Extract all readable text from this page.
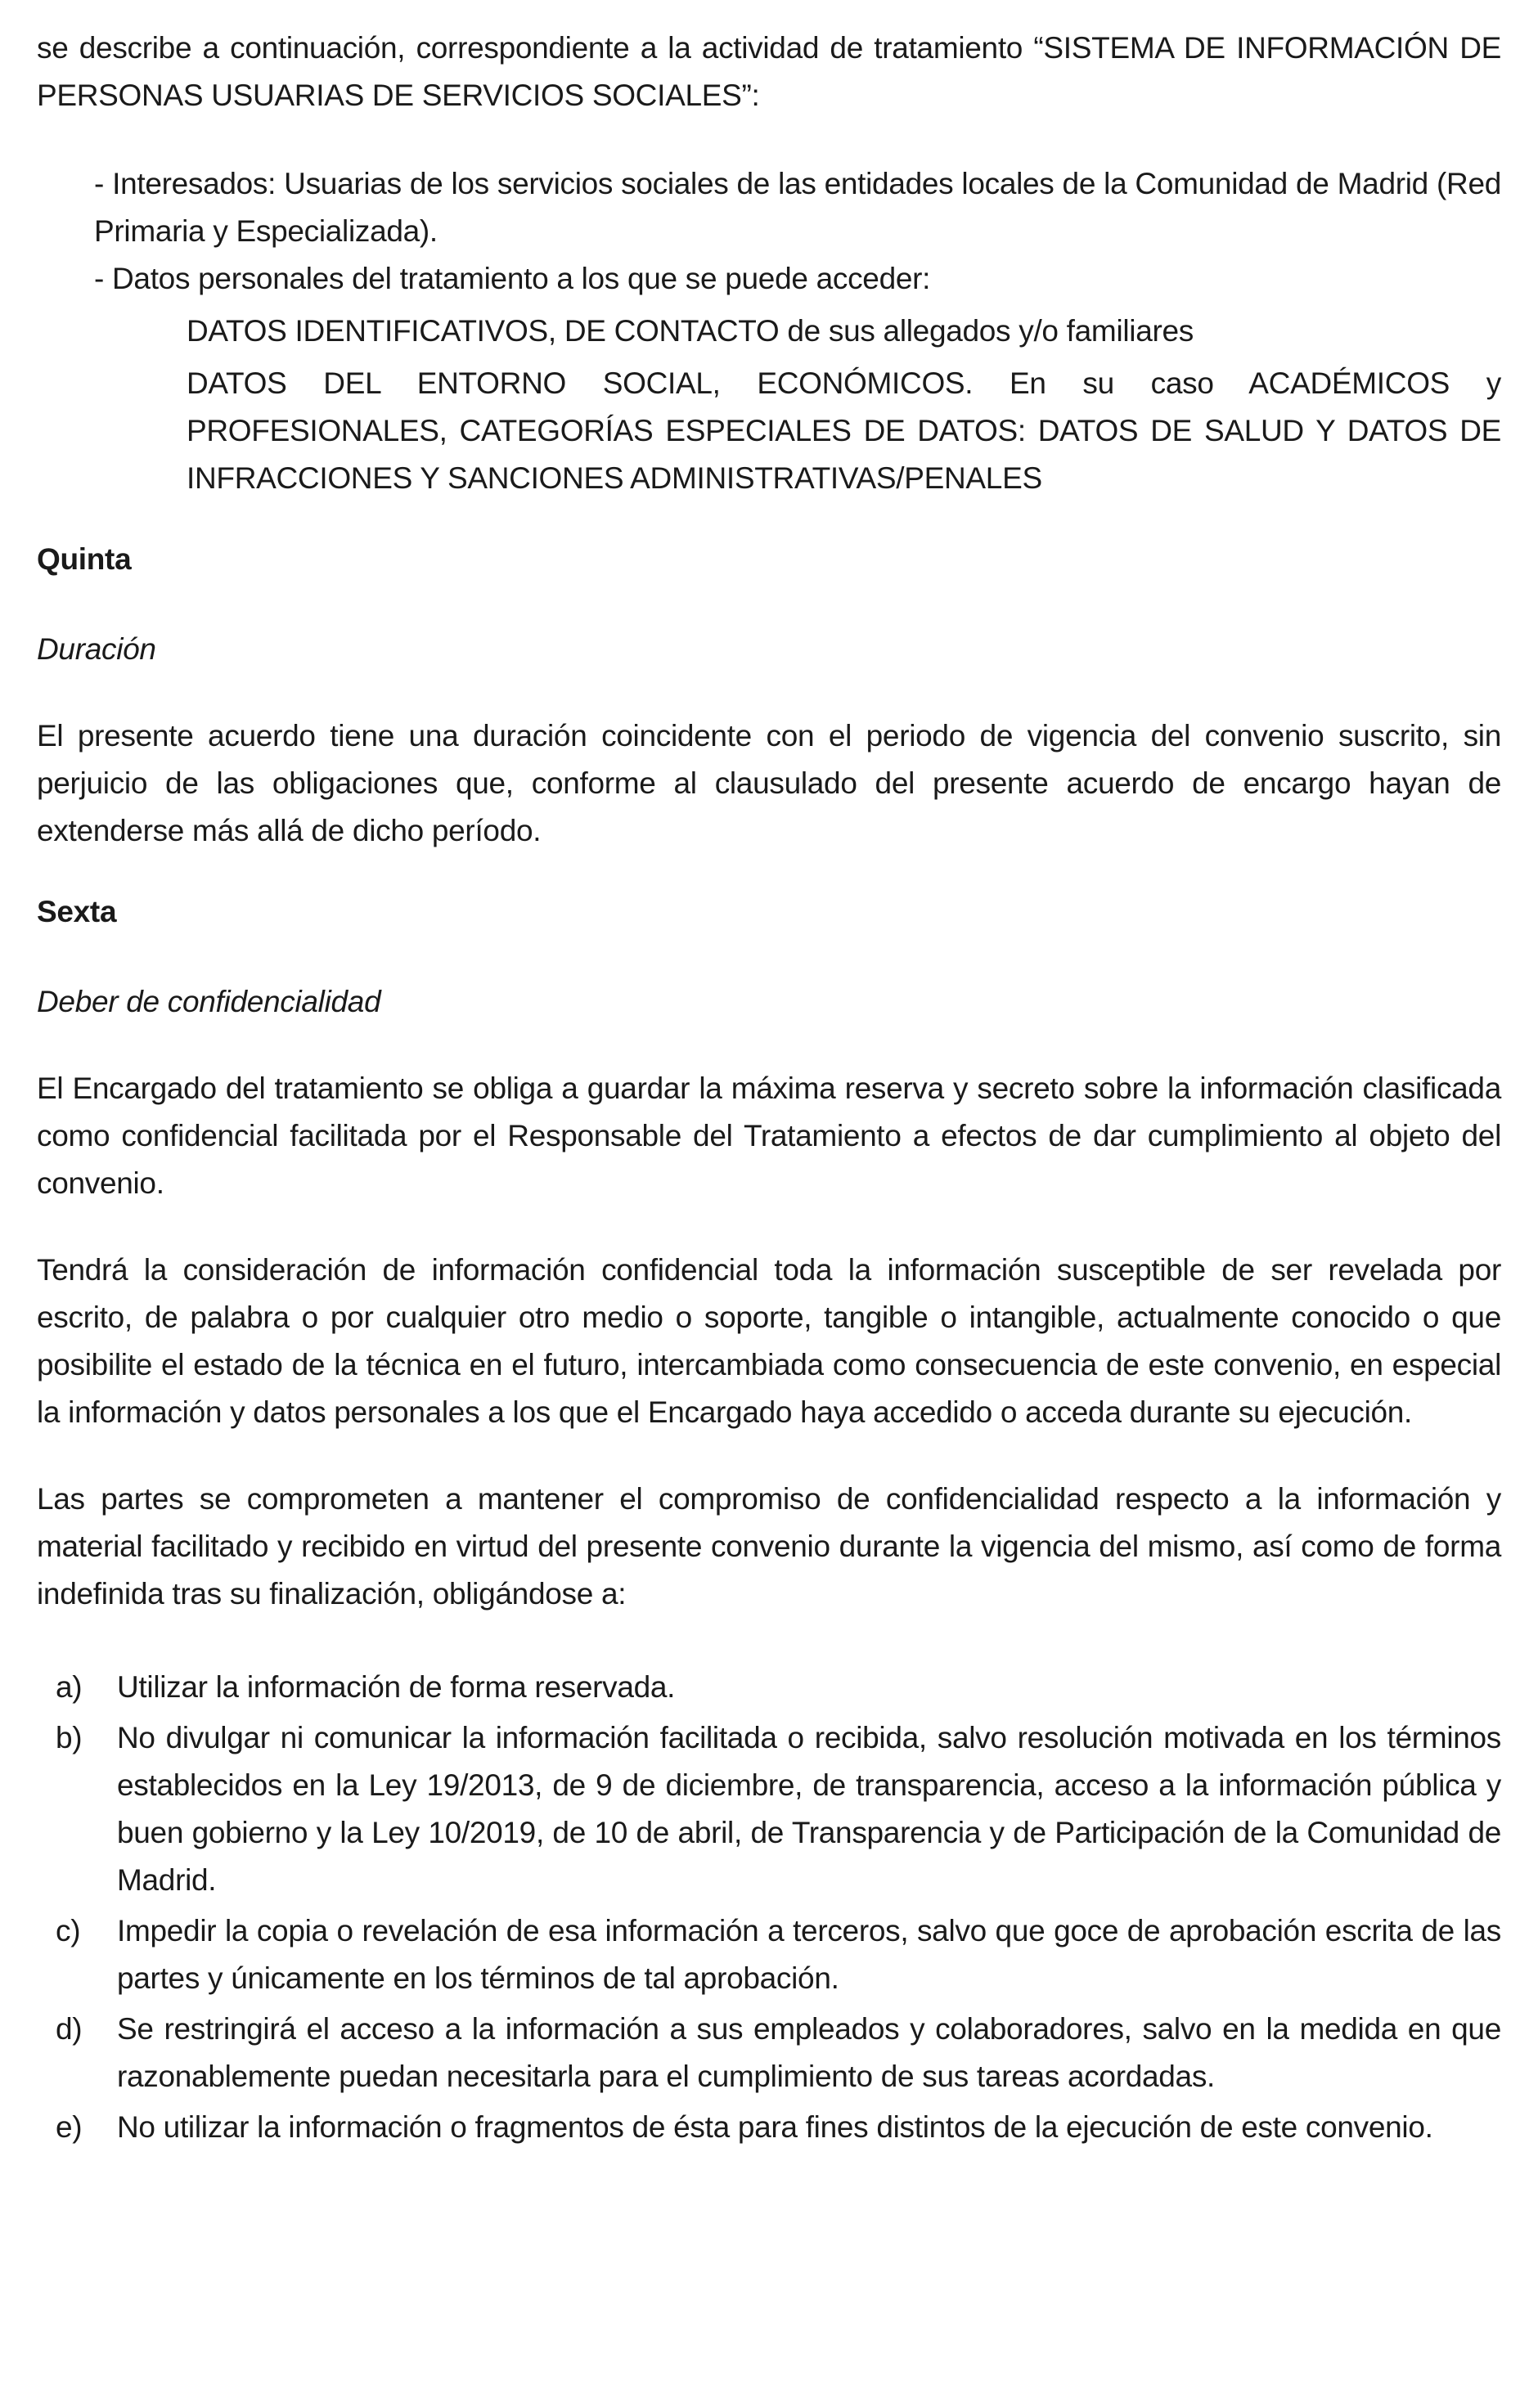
se describe a continuación, correspondiente a la actividad de tratamiento “SISTEMA DE INFORMACIÓN DE PERSONAS USUARIAS DE SERVICIOS SOCIALES”:

- Interesados: Usuarias de los servicios sociales de las entidades locales de la Comunidad de Madrid (Red Primaria y Especializada).

- Datos personales del tratamiento a los que se puede acceder:

DATOS IDENTIFICATIVOS, DE CONTACTO de sus allegados y/o familiares

DATOS DEL ENTORNO SOCIAL, ECONÓMICOS. En su caso ACADÉMICOS y PROFESIONALES, CATEGORÍAS ESPECIALES DE DATOS: DATOS DE SALUD Y DATOS DE INFRACCIONES Y SANCIONES ADMINISTRATIVAS/PENALES

Quinta

Duración

El presente acuerdo tiene una duración coincidente con el periodo de vigencia del convenio suscrito, sin perjuicio de las obligaciones que, conforme al clausulado del presente acuerdo de encargo hayan de extenderse más allá de dicho período.

Sexta

Deber de confidencialidad

El Encargado del tratamiento se obliga a guardar la máxima reserva y secreto sobre la información clasificada como confidencial facilitada por el Responsable del Tratamiento a efectos de dar cumplimiento al objeto del convenio.

Tendrá la consideración de información confidencial toda la información susceptible de ser revelada por escrito, de palabra o por cualquier otro medio o soporte, tangible o intangible, actualmente conocido o que posibilite el estado de la técnica en el futuro, intercambiada como consecuencia de este convenio, en especial la información y datos personales a los que el Encargado haya accedido o acceda durante su ejecución.

Las partes se comprometen a mantener el compromiso de confidencialidad respecto a la información y material facilitado y recibido en virtud del presente convenio durante la vigencia del mismo, así como de forma indefinida tras su finalización, obligándose a:

a)	Utilizar la información de forma reservada.
b)	No divulgar ni comunicar la información facilitada o recibida, salvo resolución motivada en los términos establecidos en la Ley 19/2013, de 9 de diciembre, de transparencia, acceso a la información pública y buen gobierno y la Ley 10/2019, de 10 de abril, de Transparencia y de Participación de la Comunidad de Madrid.
c)	Impedir la copia o revelación de esa información a terceros, salvo que goce de aprobación escrita de las partes y únicamente en los términos de tal aprobación.
d)	Se restringirá el acceso a la información a sus empleados y colaboradores, salvo en la medida en que razonablemente puedan necesitarla para el cumplimiento de sus tareas acordadas.
e)	No utilizar la información o fragmentos de ésta para fines distintos de la ejecución de este convenio.
